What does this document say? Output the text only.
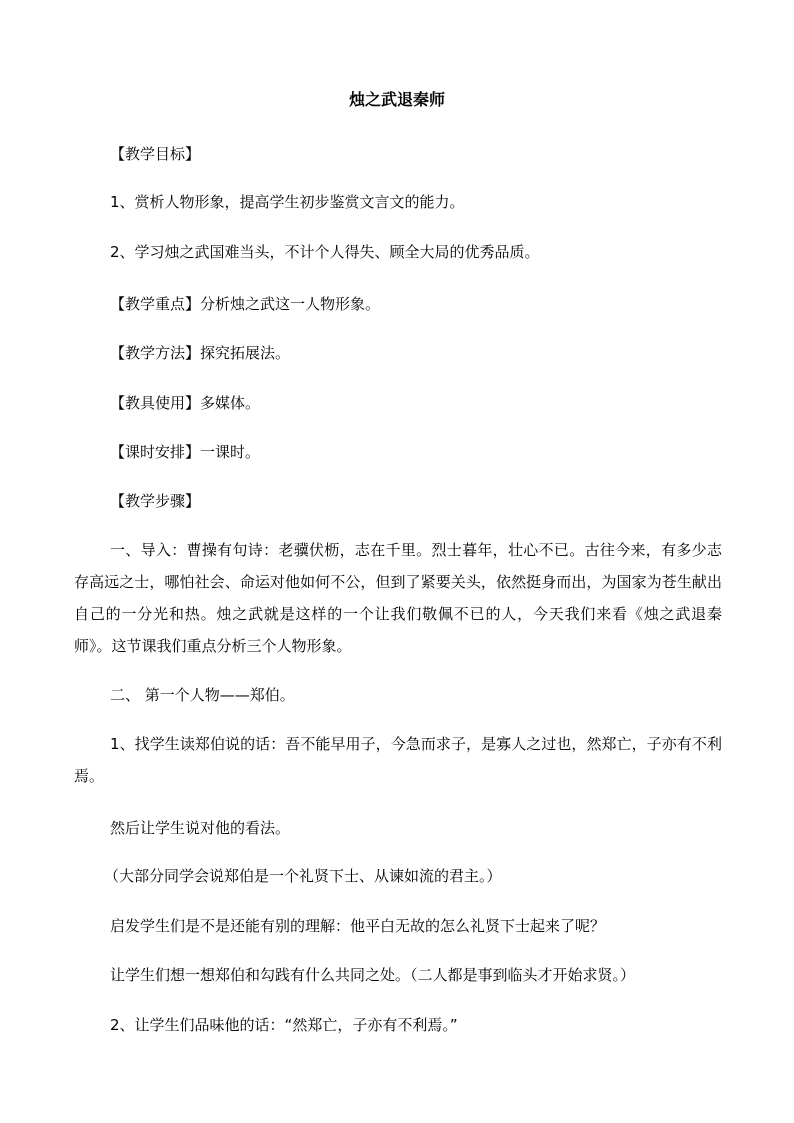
烛之武退秦师
【教学目标】
1、赏析人物形象，提高学生初步鉴赏文言文的能力。
2、学习烛之武国难当头，不计个人得失、顾全大局的优秀品质。
【教学重点】分析烛之武这一人物形象。
【教学方法】探究拓展法。
【教具使用】多媒体。
【课时安排】一课时。
【教学步骤】
一、导入：曹操有句诗：老骥伏枥，志在千里。烈士暮年，壮心不已。古往今来，有多少志存高远之士，哪怕社会、命运对他如何不公，但到了紧要关头，依然挺身而出，为国家为苍生献出自己的一分光和热。烛之武就是这样的一个让我们敬佩不已的人，今天我们来看《烛之武退秦师》。这节课我们重点分析三个人物形象。
二、 第一个人物——郑伯。
1、找学生读郑伯说的话：吾不能早用子，今急而求子，是寡人之过也，然郑亡，子亦有不利焉。
然后让学生说对他的看法。
（大部分同学会说郑伯是一个礼贤下士、从谏如流的君主。）
启发学生们是不是还能有别的理解：他平白无故的怎么礼贤下士起来了呢？
让学生们想一想郑伯和勾践有什么共同之处。（二人都是事到临头才开始求贤。）
2、让学生们品味他的话：“然郑亡，子亦有不利焉。”
